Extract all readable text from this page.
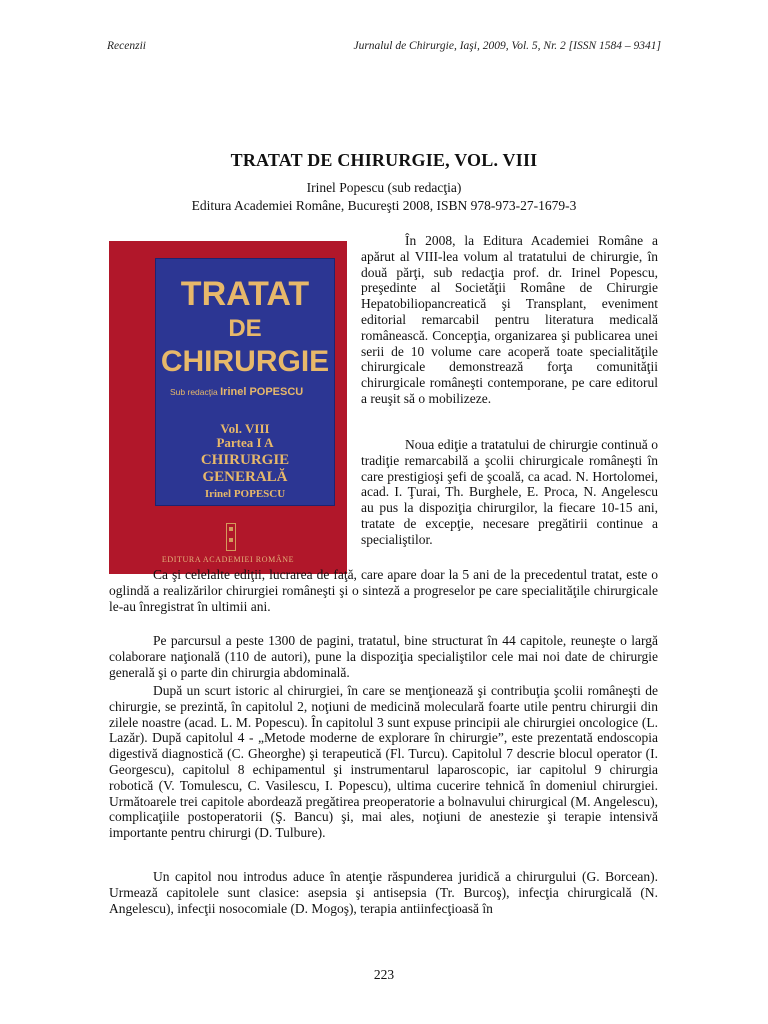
Recenzii	Jurnalul de Chirurgie, Iaşi, 2009, Vol. 5, Nr. 2 [ISSN 1584 – 9341]
TRATAT DE CHIRURGIE, VOL. VIII
Irinel Popescu (sub redacţia)
Editura Academiei Române, Bucureşti 2008, ISBN 978-973-27-1679-3
TRATAT
DE
CHIRURGIE
Sub redacţia Irinel POPESCU
Vol. VIII
Partea I A
CHIRURGIE
GENERALĂ
Irinel POPESCU
EDITURA ACADEMIEI ROMÂNE

În 2008, la Editura Academiei Române a apărut al VIII-lea volum al tratatului de chirurgie, în două părţi, sub redacţia prof. dr. Irinel Popescu, preşedinte al Societăţii Române de Chirurgie Hepatobiliopancreatică şi Transplant, eveniment editorial remarcabil pentru literatura medicală românească. Concepţia, organizarea şi publicarea unei serii de 10 volume care acoperă toate specialităţile chirurgicale demonstrează forţa comunităţii chirurgicale româneşti contemporane, pe care editorul a reuşit să o mobilizeze.

Noua ediţie a tratatului de chirurgie continuă o tradiţie remarcabilă a şcolii chirurgicale româneşti în care prestigioşi şefi de şcoală, ca acad. N. Hortolomei, acad. I. Ţurai, Th. Burghele, E. Proca, N. Angelescu au pus la dispoziţia chirurgilor, la fiecare 10-15 ani, tratate de excepţie, necesare pregătirii continue a specialiştilor.

Ca şi celelalte ediţii, lucrarea de faţă, care apare doar la 5 ani de la precedentul tratat, este o oglindă a realizărilor chirurgiei româneşti şi o sinteză a progreselor pe care specialităţile chirurgicale le-au înregistrat în ultimii ani.

Pe parcursul a peste 1300 de pagini, tratatul, bine structurat în 44 capitole, reuneşte o largă colaborare naţională (110 de autori), pune la dispoziţia specialiştilor cele mai noi date de chirurgie generală şi o parte din chirurgia abdominală.

După un scurt istoric al chirurgiei, în care se menţionează şi contribuţia şcolii româneşti de chirurgie, se prezintă, în capitolul 2, noţiuni de medicină moleculară foarte utile pentru chirurgii din zilele noastre (acad. L. M. Popescu). În capitolul 3 sunt expuse principii ale chirurgiei oncologice (L. Lazăr). După capitolul 4 - „Metode moderne de explorare în chirurgie”, este prezentată endoscopia digestivă diagnostică (C. Gheorghe) şi terapeutică (Fl. Turcu). Capitolul 7 descrie blocul operator (I. Georgescu), capitolul 8 echipamentul şi instrumentarul laparoscopic, iar capitolul 9 chirurgia robotică (V. Tomulescu, C. Vasilescu, I. Popescu), ultima cucerire tehnică în domeniul chirurgiei. Următoarele trei capitole abordează pregătirea preoperatorie a bolnavului chirurgical (M. Angelescu), complicaţiile postoperatorii (Ş. Bancu) şi, mai ales, noţiuni de anestezie şi terapie intensivă importante pentru chirurgi (D. Tulbure).

Un capitol nou introdus aduce în atenţie răspunderea juridică a chirurgului (G. Borcean). Urmează capitolele sunt clasice: asepsia şi antisepsia (Tr. Burcoş), infecţia chirurgicală (N. Angelescu), infecţii nosocomiale (D. Mogoş), terapia antiinfecţioasă în

223
